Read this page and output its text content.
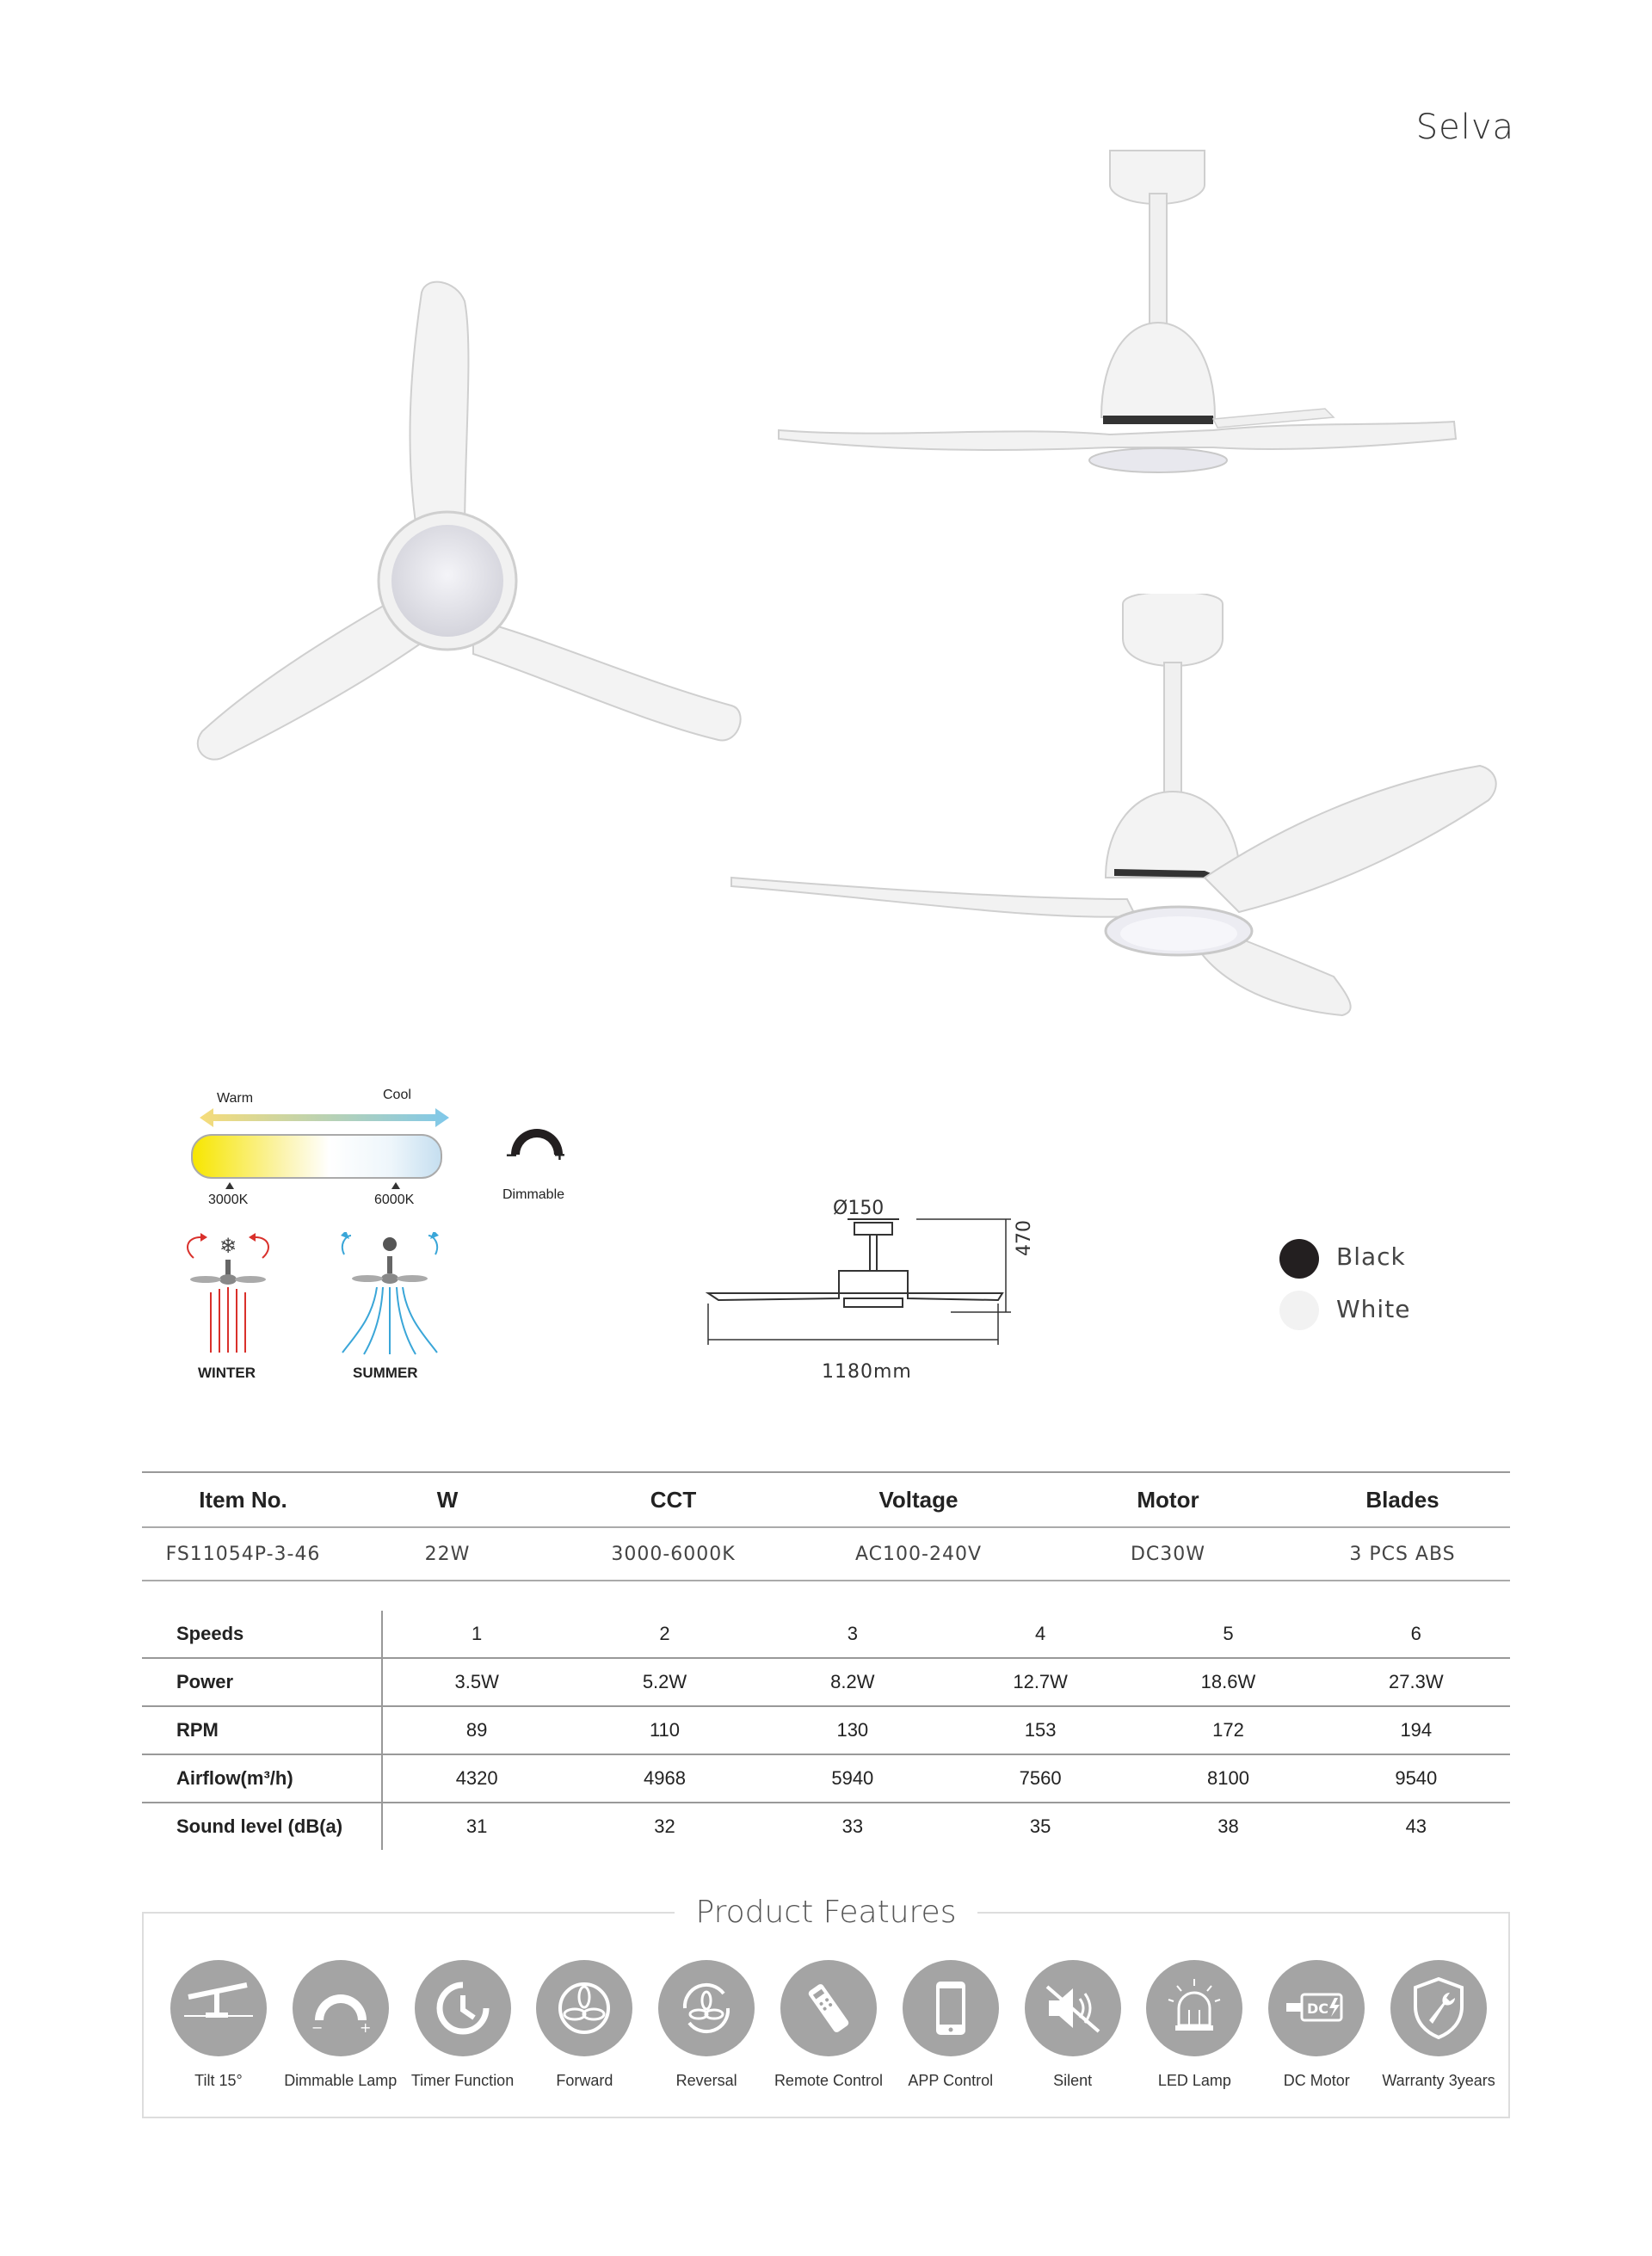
Selva
Warm	Cool
3000K	6000K
− +
Dimmable
❄
WINTER	SUMMER
Ø150
470
1180mm
Black
White
Item No.	W	CCT	Voltage	Motor	Blades
FS11054P-3-46	22W	3000-6000K	AC100-240V	DC30W	3 PCS ABS
Speeds	1	2	3	4	5	6
Power	3.5W	5.2W	8.2W	12.7W	18.6W	27.3W
RPM	89	110	130	153	172	194
Airflow(m³/h)	4320	4968	5940	7560	8100	9540
Sound level (dB(a)	31	32	33	35	38	43
Product Features
Tilt 15°
−	+
Dimmable Lamp Timer Function	Forward	Reversal	Remote Control	APP Control	Silent	LED Lamp
DC
DC Motor	Warranty 3years
